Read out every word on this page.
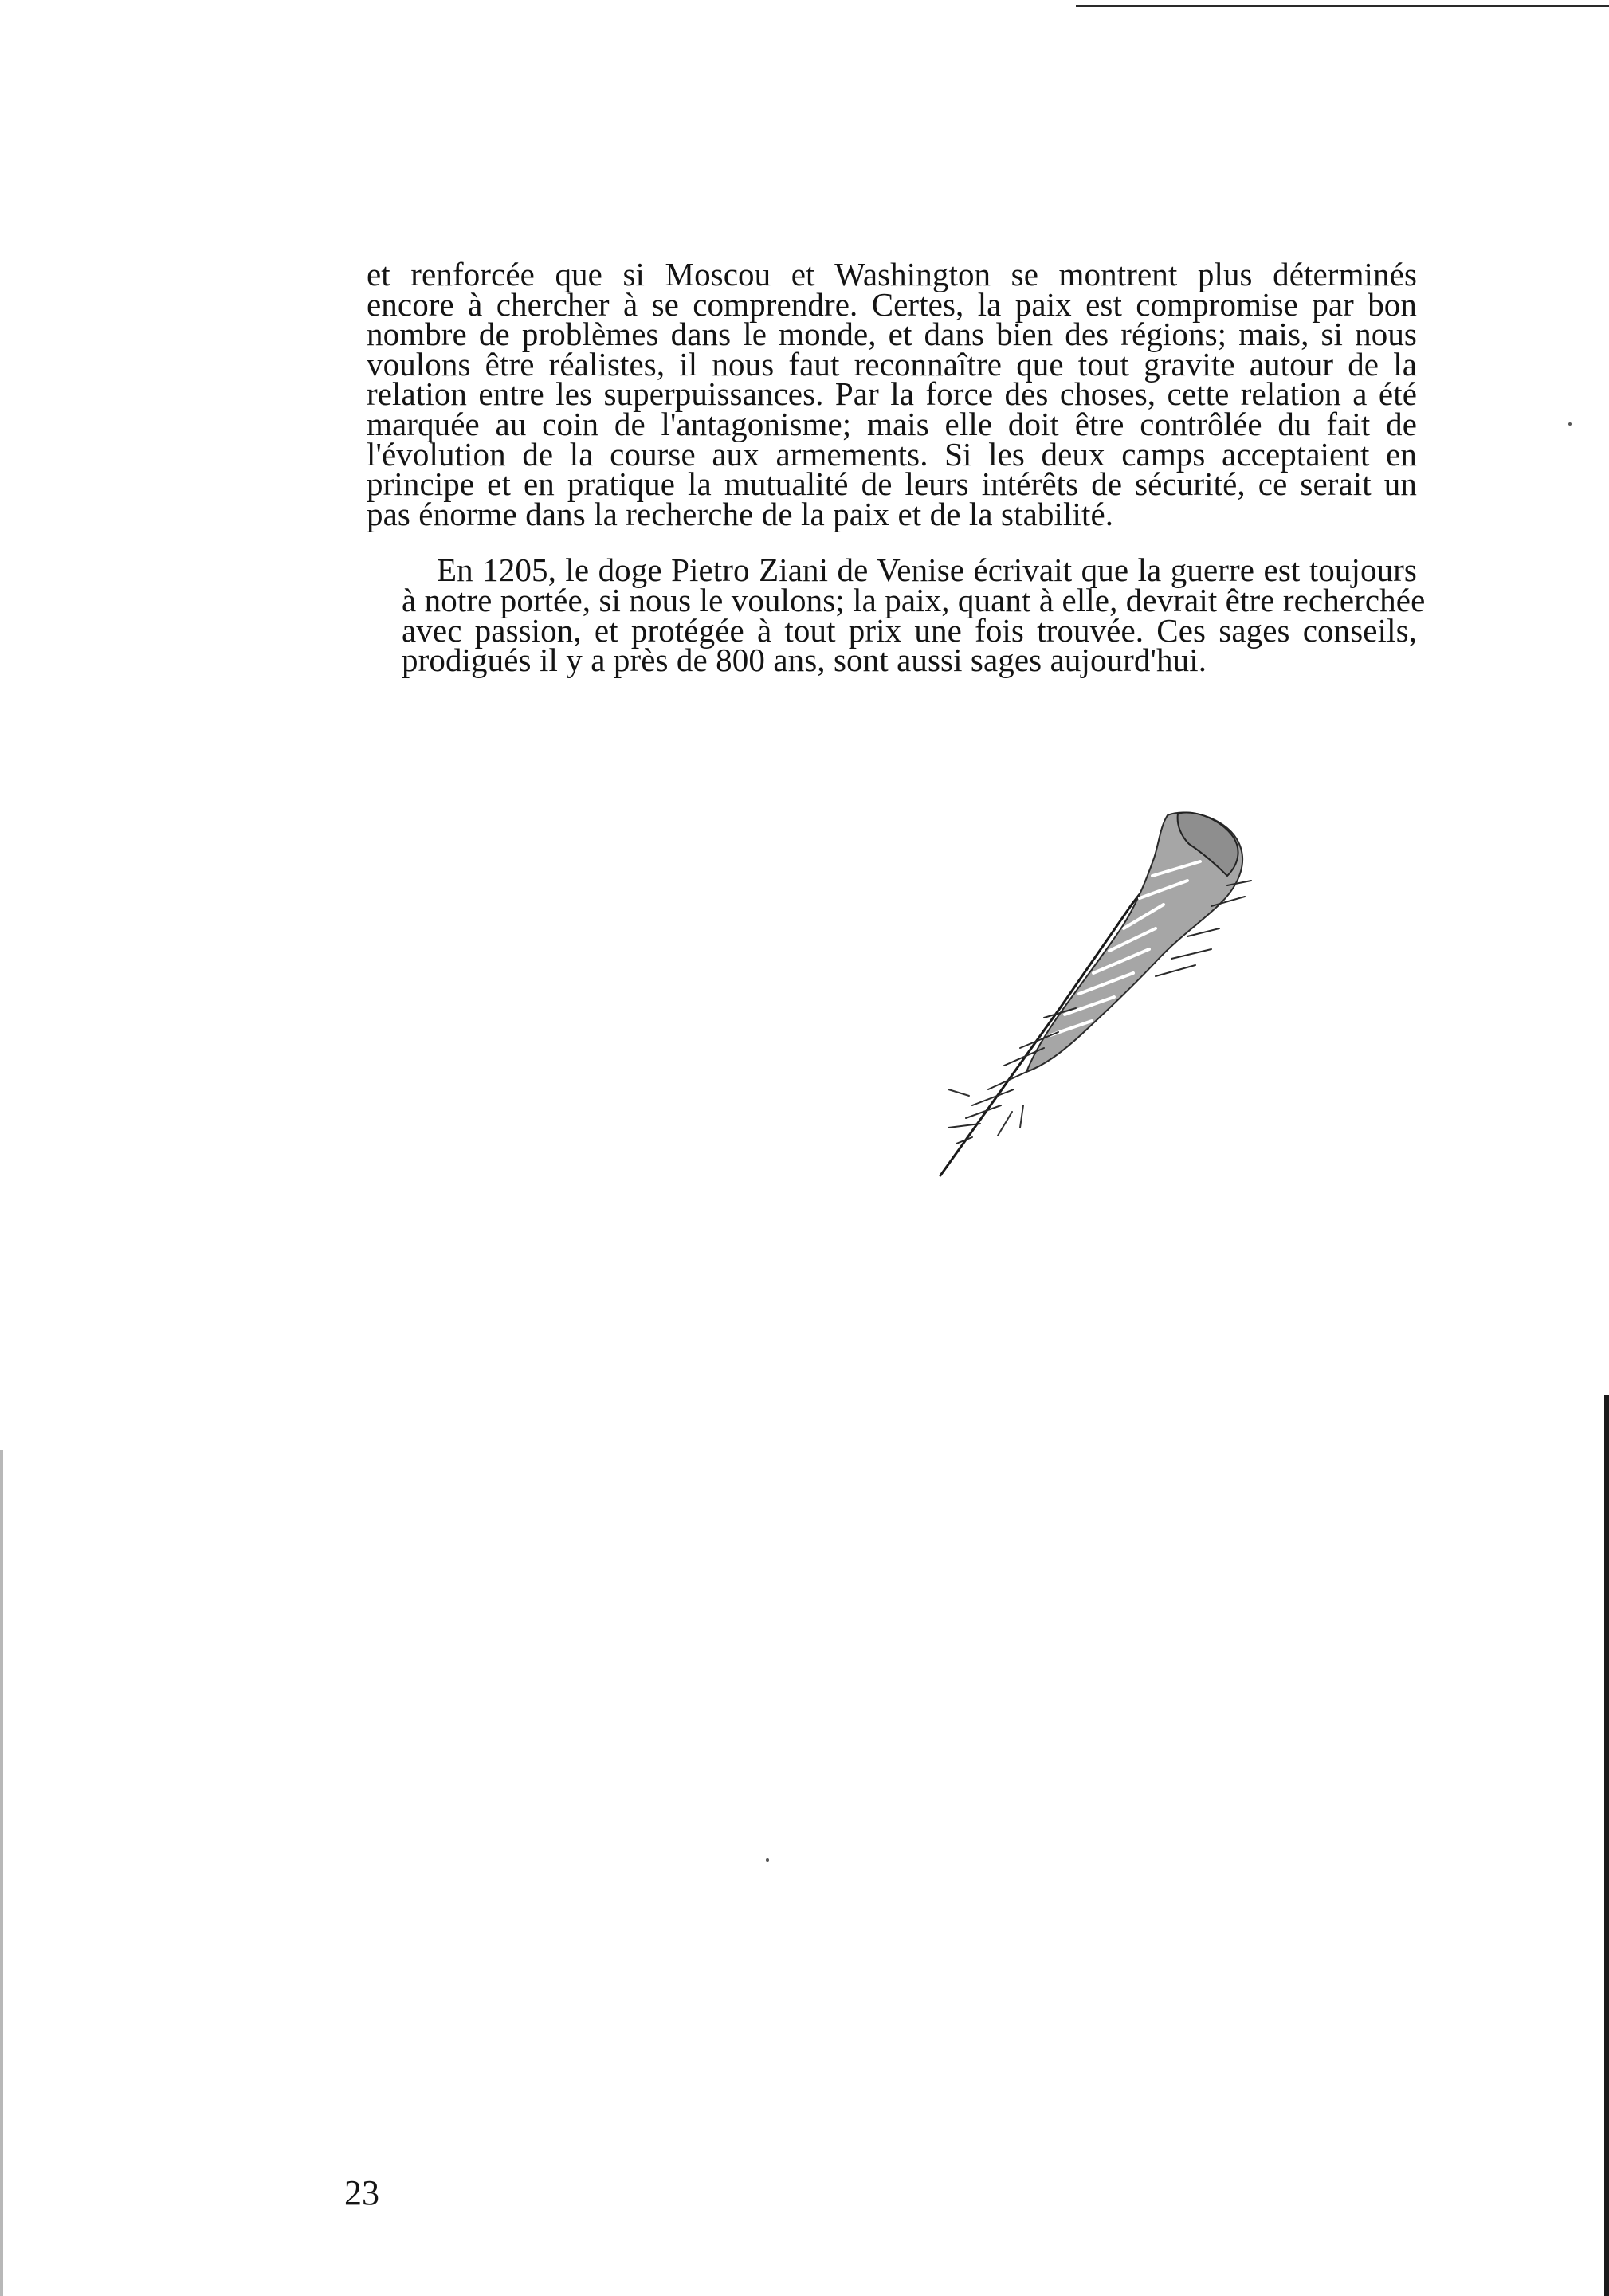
et renforcée que si Moscou et Washington se montrent plus déterminés
encore à chercher à se comprendre. Certes, la paix est compromise par bon
nombre de problèmes dans le monde, et dans bien des régions; mais, si nous
voulons être réalistes, il nous faut reconnaître que tout gravite autour de la
relation entre les superpuissances. Par la force des choses, cette relation a été
marquée au coin de l'antagonisme; mais elle doit être contrôlée du fait de
l'évolution de la course aux armements. Si les deux camps acceptaient en
principe et en pratique la mutualité de leurs intérêts de sécurité, ce serait un
pas énorme dans la recherche de la paix et de la stabilité.

En 1205, le doge Pietro Ziani de Venise écrivait que la guerre est toujours
à notre portée, si nous le voulons; la paix, quant à elle, devrait être recherchée
avec passion, et protégée à tout prix une fois trouvée. Ces sages conseils,
prodigués il y a près de 800 ans, sont aussi sages aujourd'hui.

23
